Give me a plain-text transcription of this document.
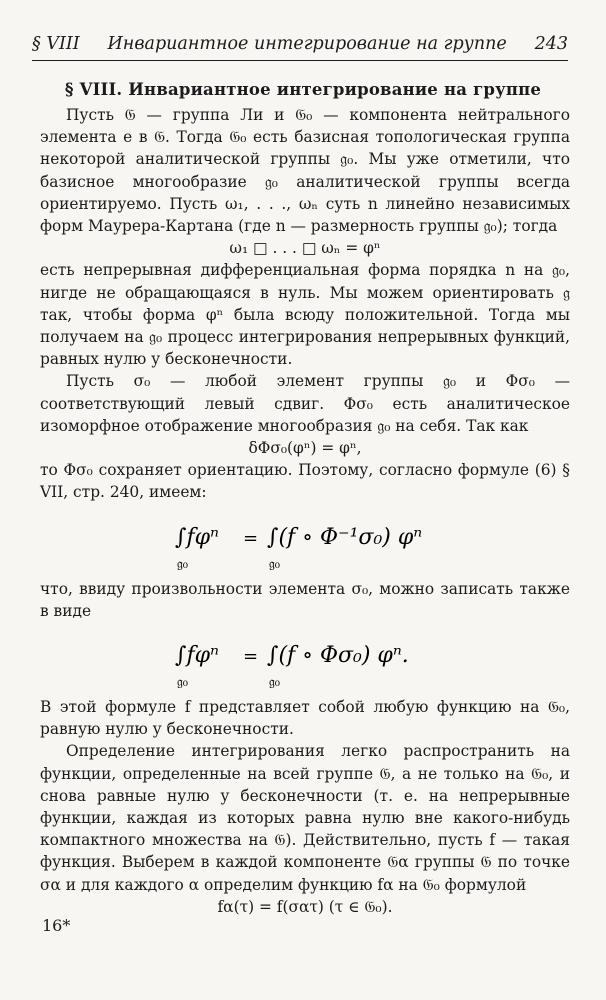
§ VIII Инвариантное интегрирование на группе 243
§ VIII. Инвариантное интегрирование на группе

Пусть 𝔊 — группа Ли и 𝔊₀ — компонента нейтрального элемента e в 𝔊. Тогда 𝔊₀ есть базисная топологическая группа некоторой аналитической группы 𝔤₀. Мы уже отметили, что базисное многообразие 𝔤₀ аналитической группы всегда ориентируемо. Пусть ω₁, . . ., ωₙ суть n линейно независимых форм Маурера-Картана (где n — размерность группы 𝔤₀); тогда

ω₁ □ . . . □ ωₙ = φⁿ

есть непрерывная дифференциальная форма порядка n на 𝔤₀, нигде не обращающаяся в нуль. Мы можем ориентировать 𝔤 так, чтобы форма φⁿ была всюду положительной. Тогда мы получаем на 𝔤₀ процесс интегрирования непрерывных функций, равных нулю у бесконечности.

Пусть σ₀ — любой элемент группы 𝔤₀ и Φσ₀ — соответствующий левый сдвиг. Φσ₀ есть аналитическое изоморфное отображение многообразия 𝔤₀ на себя. Так как

δΦσ₀(φⁿ) = φⁿ,

то Φσ₀ сохраняет ориентацию. Поэтому, согласно формуле (6) § VII, стр. 240, имеем:

∫fφⁿ = ∫(f ∘ Φ⁻¹σ₀) φⁿ
𝔤₀	𝔤₀

что, ввиду произвольности элемента σ₀, можно записать также в виде

∫fφⁿ = ∫(f ∘ Φσ₀) φⁿ.
𝔤₀	𝔤₀

В этой формуле f представляет собой любую функцию на 𝔊₀, равную нулю у бесконечности.

Определение интегрирования легко распространить на функции, определенные на всей группе 𝔊, а не только на 𝔊₀, и снова равные нулю у бесконечности (т. е. на непрерывные функции, каждая из которых равна нулю вне какого-нибудь компактного множества на 𝔊). Действительно, пусть f — такая функция. Выберем в каждой компоненте 𝔊α группы 𝔊 по точке σα и для каждого α определим функцию fα на 𝔊₀ формулой

fα(τ) = f(σατ) (τ ∈ 𝔊₀).

16*
